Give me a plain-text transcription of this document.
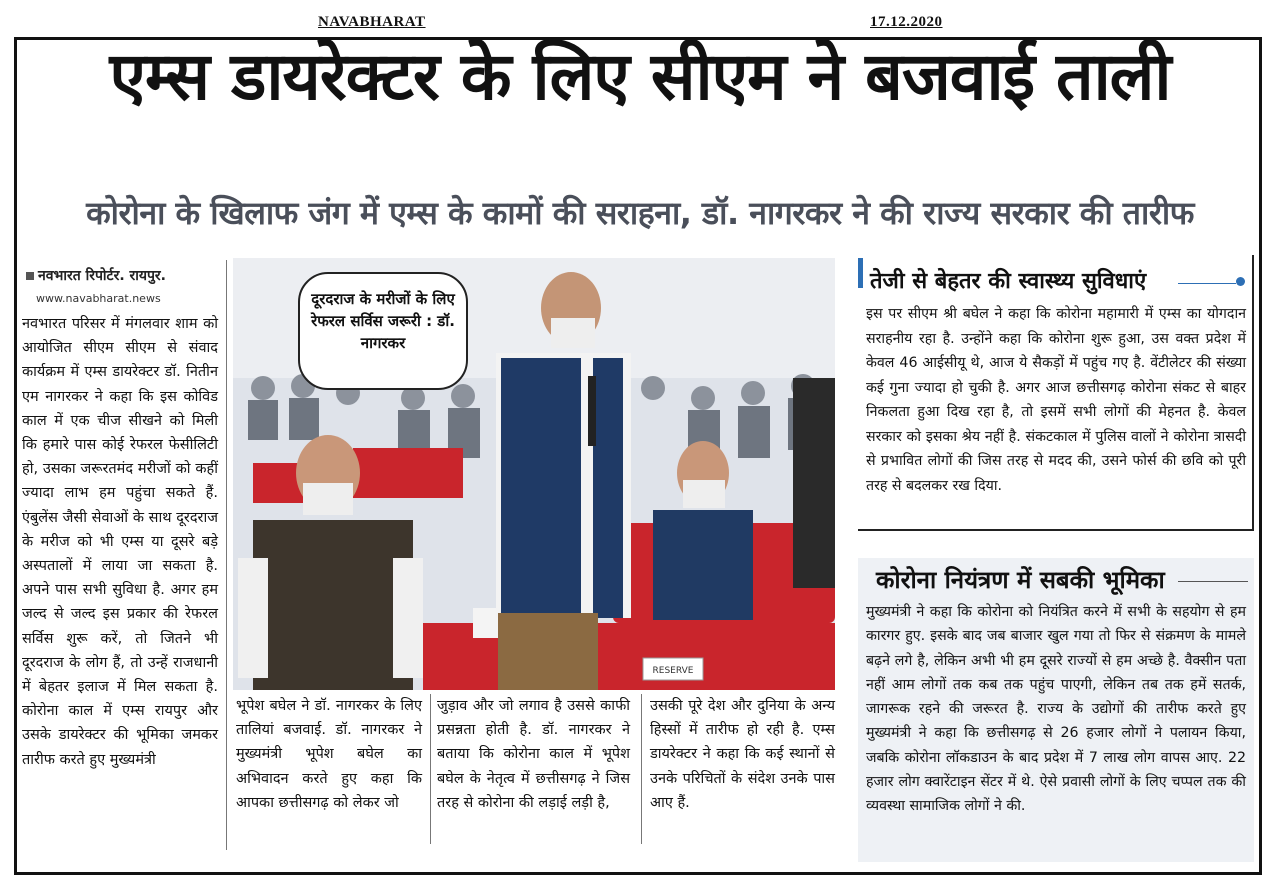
NAVABHARAT	17.12.2020
एम्स डायरेक्टर के लिए सीएम ने बजवाई ताली
कोरोना के खिलाफ जंग में एम्स के कामों की सराहना, डॉ. नागरकर ने की राज्य सरकार की तारीफ
नवभारत रिपोर्टर. रायपुर.
www.navabharat.news
नवभारत परिसर में मंगलवार शाम को आयोजित सीएम सीएम से संवाद कार्यक्रम में एम्स डायरेक्टर डॉ. नितीन एम नागरकर ने कहा कि इस कोविड काल में एक चीज सीखने को मिली कि हमारे पास कोई रेफरल फेसीलिटी हो, उसका जरूरतमंद मरीजों को कहीं ज्यादा लाभ हम पहुंचा सकते हैं. एंबुलेंस जैसी सेवाओं के साथ दूरदराज के मरीज को भी एम्स या दूसरे बड़े अस्पतालों में लाया जा सकता है. अपने पास सभी सुविधा है. अगर हम जल्द से जल्द इस प्रकार की रेफरल सर्विस शुरू करें, तो जितने भी दूरदराज के लोग हैं, तो उन्हें राजधानी में बेहतर इलाज में मिल सकता है. कोरोना काल में एम्स रायपुर और उसके डायरेक्टर की भूमिका जमकर तारीफ करते हुए मुख्यमंत्री
RESERVE
दूरदराज के मरीजों के लिए रेफरल सर्विस जरूरी : डॉ. नागरकर
भूपेश बघेल ने डॉ. नागरकर के लिए तालियां बजवाई. डॉ. नागरकर ने मुख्यमंत्री भूपेश बघेल का अभिवादन करते हुए कहा कि आपका छत्तीसगढ़ को लेकर जो
जुड़ाव और जो लगाव है उससे काफी प्रसन्नता होती है. डॉ. नागरकर ने बताया कि कोरोना काल में भूपेश बघेल के नेतृत्व में छत्तीसगढ़ ने जिस तरह से कोरोना की लड़ाई लड़ी है,
उसकी पूरे देश और दुनिया के अन्य हिस्सों में तारीफ हो रही है. एम्स डायरेक्टर ने कहा कि कई स्थानों से उनके परिचितों के संदेश उनके पास आए हैं.
तेजी से बेहतर की स्वास्थ्य सुविधाएं
इस पर सीएम श्री बघेल ने कहा कि कोरोना महामारी में एम्स का योगदान सराहनीय रहा है. उन्होंने कहा कि कोरोना शुरू हुआ, उस वक्त प्रदेश में केवल 46 आईसीयू थे, आज ये सैकड़ों में पहुंच गए है. वेंटीलेटर की संख्या कई गुना ज्यादा हो चुकी है. अगर आज छत्तीसगढ़ कोरोना संकट से बाहर निकलता हुआ दिख रहा है, तो इसमें सभी लोगों की मेहनत है. केवल सरकार को इसका श्रेय नहीं है. संकटकाल में पुलिस वालों ने कोरोना त्रासदी से प्रभावित लोगों की जिस तरह से मदद की, उसने फोर्स की छवि को पूरी तरह से बदलकर रख दिया.
कोरोना नियंत्रण में सबकी भूमिका
मुख्यमंत्री ने कहा कि कोरोना को नियंत्रित करने में सभी के सहयोग से हम कारगर हुए. इसके बाद जब बाजार खुल गया तो फिर से संक्रमण के मामले बढ़ने लगे है, लेकिन अभी भी हम दूसरे राज्यों से हम अच्छे है. वैक्सीन पता नहीं आम लोगों तक कब तक पहुंच पाएगी, लेकिन तब तक हमें सतर्क, जागरूक रहने की जरूरत है. राज्य के उद्योगों की तारीफ करते हुए मुख्यमंत्री ने कहा कि छत्तीसगढ़ से 26 हजार लोगों ने पलायन किया, जबकि कोरोना लॉकडाउन के बाद प्रदेश में 7 लाख लोग वापस आए. 22 हजार लोग क्वारेंटाइन सेंटर में थे. ऐसे प्रवासी लोगों के लिए चप्पल तक की व्यवस्था सामाजिक लोगों ने की.
